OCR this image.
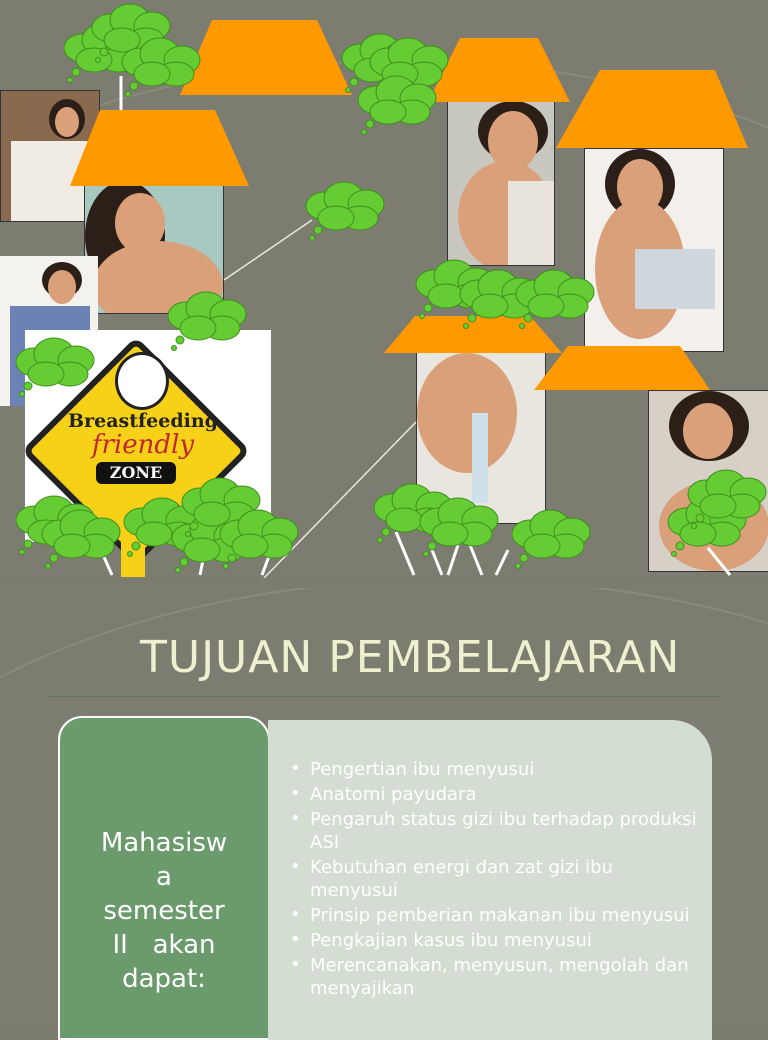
Breastfeeding
friendly
ZONE
TUJUAN PEMBELAJARAN
Mahasisw
a
semester
II   akan
dapat:
• Pengertian ibu menyusui
• Anatomi payudara
• Pengaruh status gizi ibu terhadap produksi ASI
• Kebutuhan energi dan zat gizi ibu menyusui
• Prinsip pemberian makanan ibu menyusui
• Pengkajian kasus ibu menyusui
• Merencanakan, menyusun, mengolah dan menyajikan
